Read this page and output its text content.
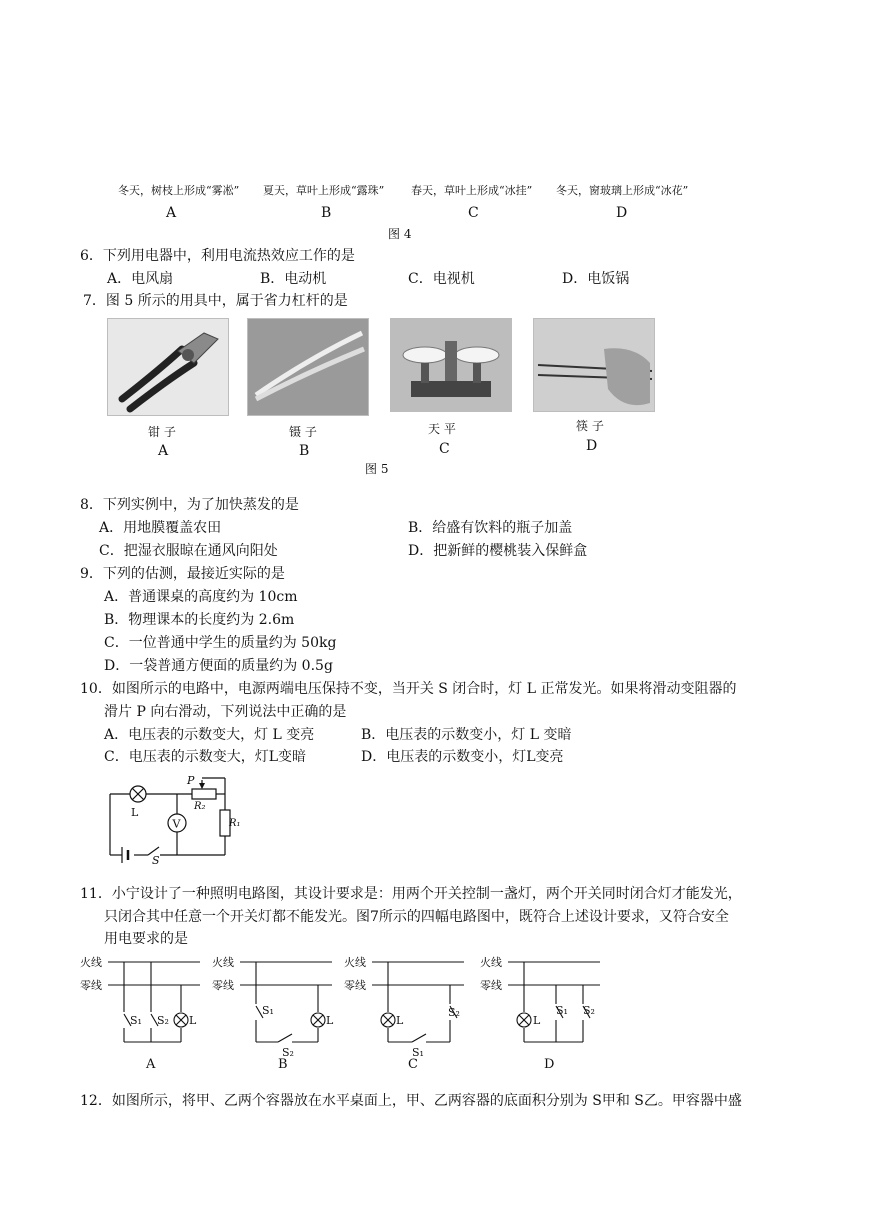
冬天，树枝上形成“雾凇”
A
夏天，草叶上形成“露珠”
B
春天，草叶上形成“冰挂”
C
冬天，窗玻璃上形成“冰花”
D
图 4
6．下列用电器中，利用电流热效应工作的是
A．电风扇	B．电动机	C．电视机	D．电饭锅
7．图 5 所示的用具中，属于省力杠杆的是
钳 子
A
镊 子
B
天 平
C
筷 子
D
图 5
8．下列实例中，为了加快蒸发的是
A．用地膜覆盖农田	B．给盛有饮料的瓶子加盖
C．把湿衣服晾在通风向阳处	D．把新鲜的樱桃装入保鲜盒
9．下列的估测，最接近实际的是
A．普通课桌的高度约为 10cm
B．物理课本的长度约为 2.6m
C．一位普通中学生的质量约为 50kg
D．一袋普通方便面的质量约为 0.5g
10．如图所示的电路中，电源两端电压保持不变，当开关 S 闭合时，灯 L 正常发光。如果将滑动变阻器的
滑片 P 向右滑动，下列说法中正确的是
A．电压表的示数变大，灯 L 变亮	B．电压表的示数变小，灯 L 变暗
C．电压表的示数变大，灯L变暗	D．电压表的示数变小，灯L变亮
V
P
R₂
R₁
L
S
11．小宁设计了一种照明电路图，其设计要求是：用两个开关控制一盏灯，两个开关同时闭合灯才能发光，
只闭合其中任意一个开关灯都不能发光。图7所示的四幅电路图中，既符合上述设计要求，又符合安全
用电要求的是
火线
零线
S₁ S₂ L
A
火线
零线
S₁
S₂
L
B
火线
零线
L
S₂
S₁
C
火线
零线
L
S₁ S₂
D
12．如图所示，将甲、乙两个容器放在水平桌面上，甲、乙两容器的底面积分别为 S甲和 S乙。甲容器中盛
